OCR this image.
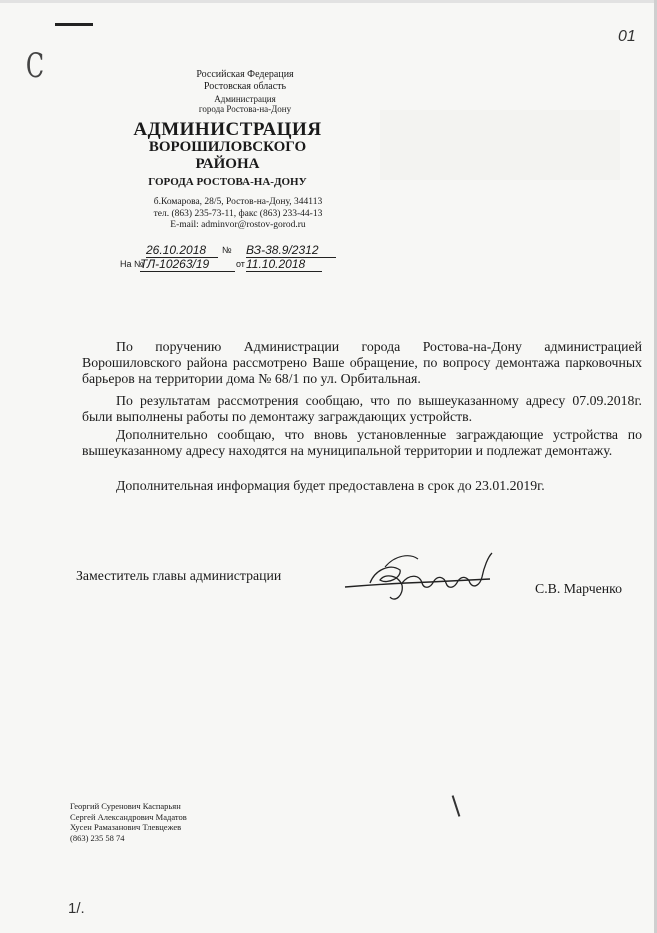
01
C	Российская Федерация
Ростовская область
Администрация
города Ростова-на-Дону
АДМИНИСТРАЦИЯ
ВОРОШИЛОВСКОГО
РАЙОНА
ГОРОДА РОСТОВА-НА-ДОНУ
б.Комарова, 28/5, Ростов-на-Дону, 344113
тел. (863) 235-73-11, факс (863) 233-44-13
E-mail: adminvor@rostov-gorod.ru
26.10.2018	№ ВЗ-38.9/2312
На №
ТЛ-10263/19	от 11.10.2018
По поручению Администрации города Ростова-на-Дону администрацией Ворошиловского района рассмотрено Ваше обращение, по вопросу демонтажа парковочных барьеров на территории дома № 68/1 по ул. Орбитальная.
По результатам рассмотрения сообщаю, что по вышеуказанному адресу 07.09.2018г. были выполнены работы по демонтажу заграждающих устройств.
Дополнительно сообщаю, что вновь установленные заграждающие устройства по вышеуказанному адресу находятся на муниципальной территории и подлежат демонтажу.
Дополнительная информация будет предоставлена в срок до 23.01.2019г.
Заместитель главы администрации
С.В. Марченко
Георгий Суренович Каспарьян
Сергей Александрович Мадатов
Хусен Рамазанович Тлевцежев
(863) 235 58 74
1/.
